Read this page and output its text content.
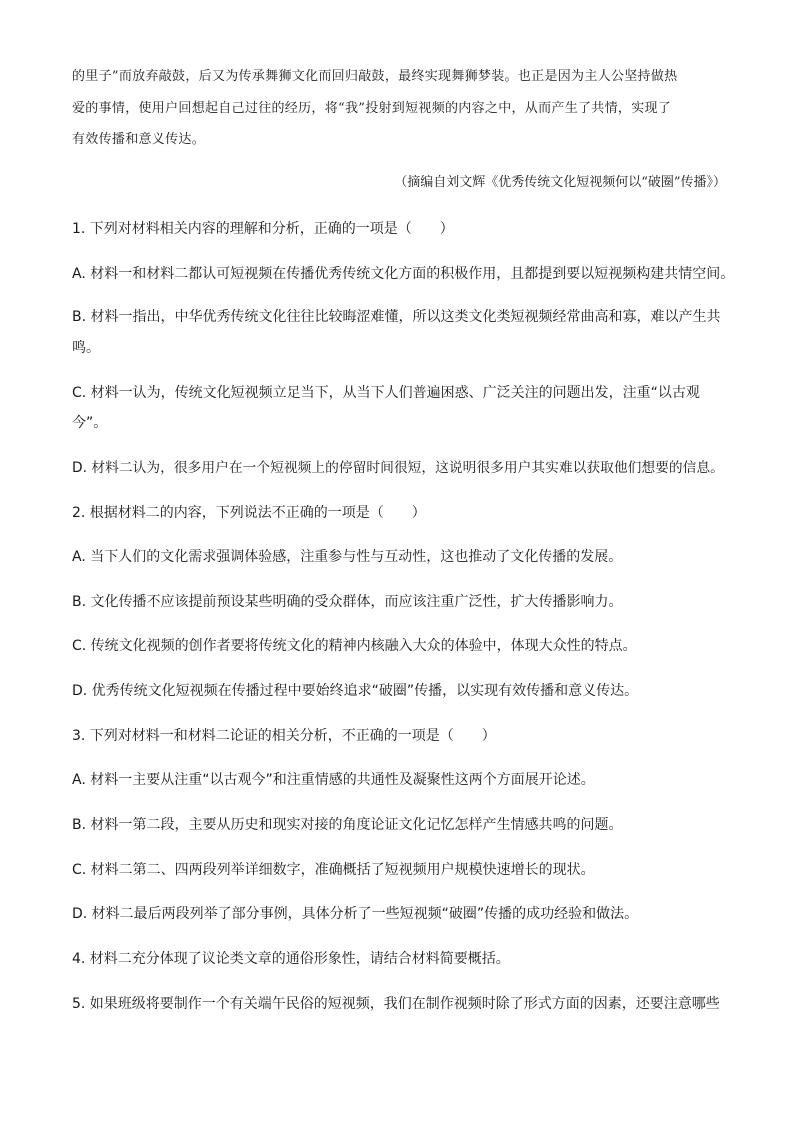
的里子”而放弃敲鼓，后又为传承舞狮文化而回归敲鼓，最终实现舞狮梦装。也正是因为主人公坚持做热
爱的事情，使用户回想起自己过往的经历，将“我”投射到短视频的内容之中，从而产生了共情，实现了
有效传播和意义传达。
（摘编自刘文辉《优秀传统文化短视频何以“破圈”传播》）
1. 下列对材料相关内容的理解和分析，正确的一项是（　　）
A. 材料一和材料二都认可短视频在传播优秀传统文化方面的积极作用，且都提到要以短视频构建共情空间。
B. 材料一指出，中华优秀传统文化往往比较晦涩难懂，所以这类文化类短视频经常曲高和寡，难以产生共
鸣。
C. 材料一认为，传统文化短视频立足当下，从当下人们普遍困惑、广泛关注的问题出发，注重“以古观
今”。
D. 材料二认为，很多用户在一个短视频上的停留时间很短，这说明很多用户其实难以获取他们想要的信息。
2. 根据材料二的内容，下列说法不正确的一项是（　　）
A. 当下人们的文化需求强调体验感，注重参与性与互动性，这也推动了文化传播的发展。
B. 文化传播不应该提前预设某些明确的受众群体，而应该注重广泛性，扩大传播影响力。
C. 传统文化视频的创作者要将传统文化的精神内核融入大众的体验中，体现大众性的特点。
D. 优秀传统文化短视频在传播过程中要始终追求“破圈”传播，以实现有效传播和意义传达。
3. 下列对材料一和材料二论证的相关分析，不正确的一项是（　　）
A. 材料一主要从注重“以古观今”和注重情感的共通性及凝聚性这两个方面展开论述。
B. 材料一第二段，主要从历史和现实对接的角度论证文化记忆怎样产生情感共鸣的问题。
C. 材料二第二、四两段列举详细数字，准确概括了短视频用户规模快速增长的现状。
D. 材料二最后两段列举了部分事例，具体分析了一些短视频“破圈”传播的成功经验和做法。
4. 材料二充分体现了议论类文章的通俗形象性，请结合材料简要概括。
5. 如果班级将要制作一个有关端午民俗的短视频，我们在制作视频时除了形式方面的因素，还要注意哪些
